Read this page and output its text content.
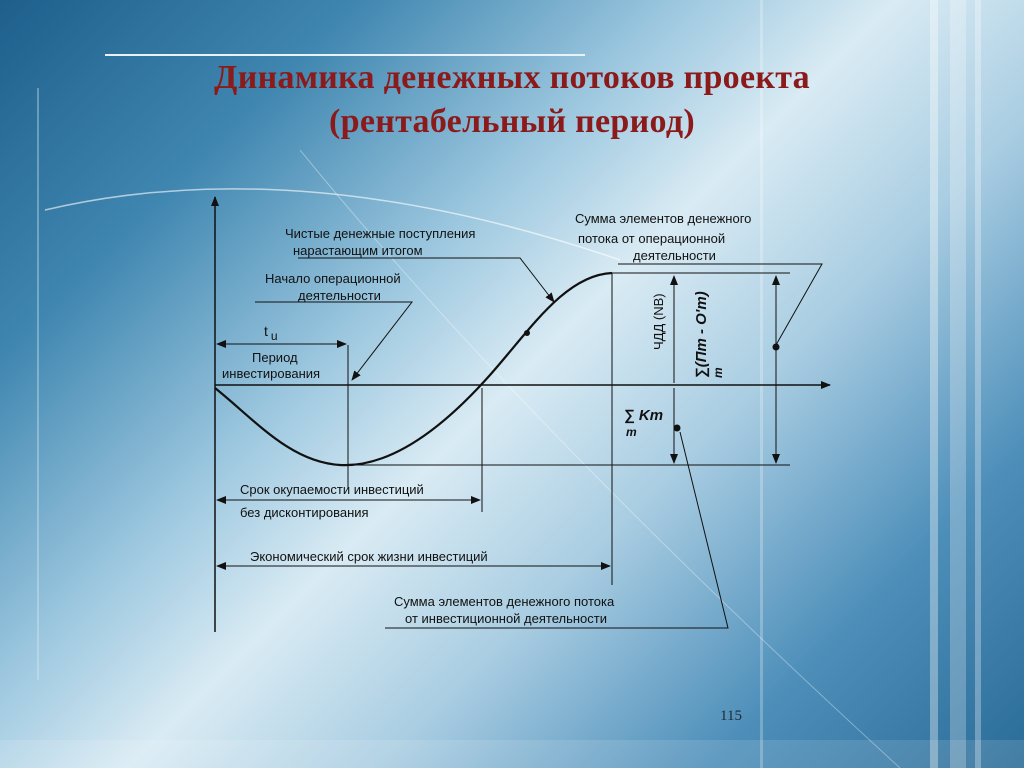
Динамика денежных потоков проекта
(рентабельный период)
t u
Период
инвестирования
Срок окупаемости инвестиций
без дисконтирования
Экономический срок жизни инвестиций
Чистые денежные поступления
нарастающим итогом
Начало операционной
деятельности
Сумма элементов денежного
потока от операционной
деятельности
ЧДД (NB) ∑(Пm - O'm) m
∑ Km
m
Сумма элементов денежного потока
от инвестиционной деятельности
115
